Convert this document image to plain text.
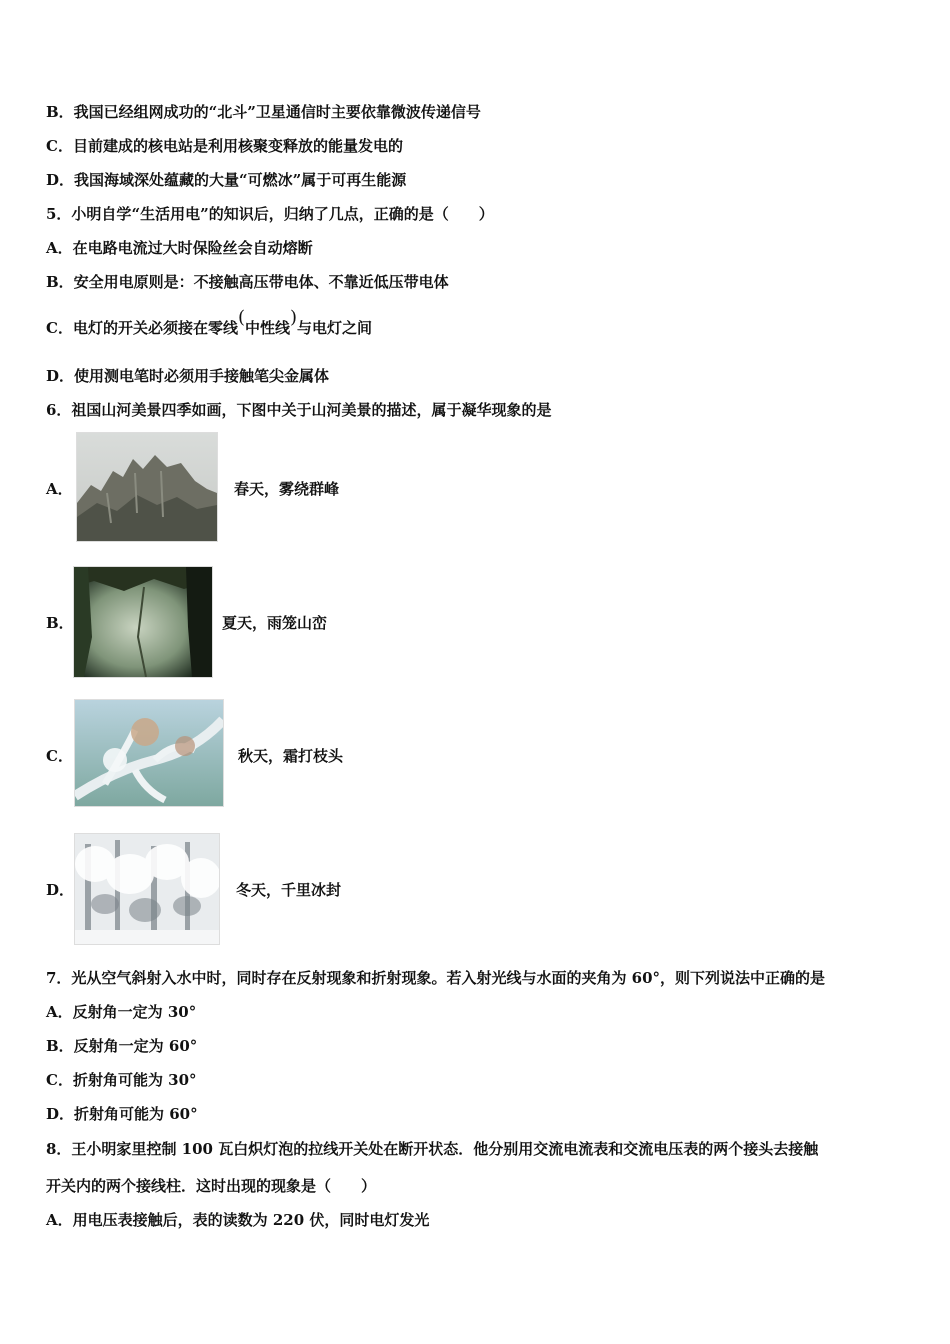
B．我国已经组网成功的“北斗”卫星通信时主要依靠微波传递信号
C．目前建成的核电站是利用核聚变释放的能量发电的
D．我国海域深处蕴藏的大量“可燃冰”属于可再生能源
5．小明自学“生活用电”的知识后，归纳了几点，正确的是（　　）
A．在电路电流过大时保险丝会自动熔断
B．安全用电原则是：不接触高压带电体、不靠近低压带电体
C．电灯的开关必须接在零线(中性线)与电灯之间
D．使用测电笔时必须用手接触笔尖金属体
6．祖国山河美景四季如画，下图中关于山河美景的描述，属于凝华现象的是
A．	春天，雾绕群峰
B．	夏天，雨笼山峦
C．	秋天，霜打枝头
D．	冬天，千里冰封
7．光从空气斜射入水中时，同时存在反射现象和折射现象。若入射光线与水面的夹角为 60°，则下列说法中正确的是
A．反射角一定为 30°
B．反射角一定为 60°
C．折射角可能为 30°
D．折射角可能为 60°
8．王小明家里控制 100 瓦白炽灯泡的拉线开关处在断开状态．他分别用交流电流表和交流电压表的两个接头去接触
开关内的两个接线柱．这时出现的现象是（　　）
A．用电压表接触后，表的读数为 220 伏，同时电灯发光
